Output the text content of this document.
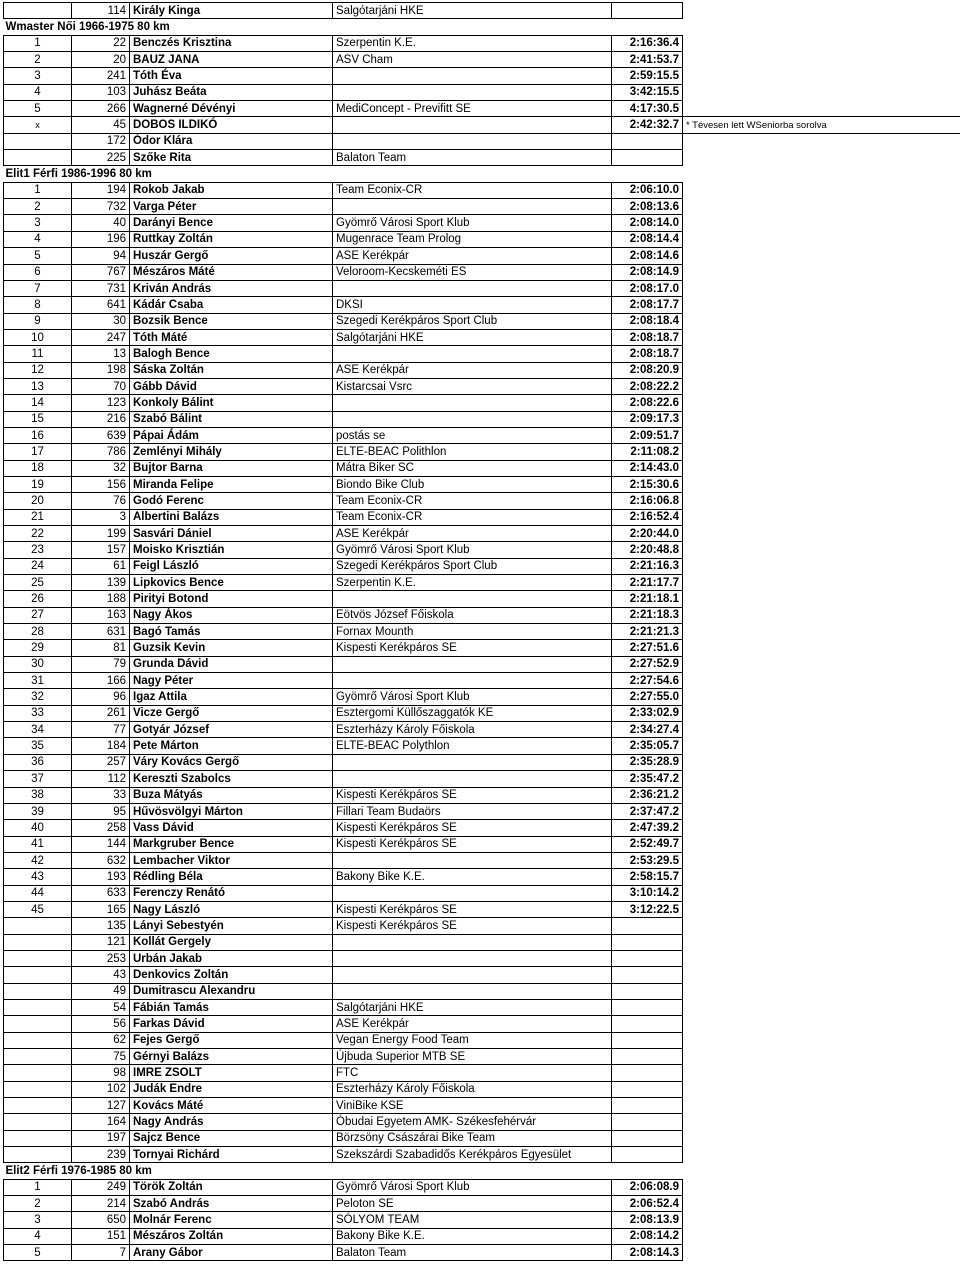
	114	Király Kinga	Salgótarjáni HKE		
Wmaster Női 1966-1975 80 km					
1	22	Benczés Krisztina	Szerpentin K.E.	2:16:36.4	
2	20	BAUZ JANA	ASV Cham	2:41:53.7	
3	241	Tóth Éva		2:59:15.5	
4	103	Juhász Beáta		3:42:15.5	
5	266	Wagnerné Dévényi	MediConcept - Previfitt SE	4:17:30.5	
x	45	DOBOS ILDIKÓ		2:42:32.7	* Tévesen lett WSeniorba sorolva
	172	Ódor Klára			
	225	Szőke Rita	Balaton Team		
Elit1 Férfi 1986-1996 80 km					
1	194	Rokob Jakab	Team Econix-CR	2:06:10.0	
2	732	Varga Péter		2:08:13.6	
3	40	Darányi Bence	Gyömrő Városi Sport Klub	2:08:14.0	
4	196	Ruttkay Zoltán	Mugenrace Team Prolog	2:08:14.4	
5	94	Huszár Gergő	ASE Kerékpár	2:08:14.6	
6	767	Mészáros Máté	Veloroom-Kecskeméti ES	2:08:14.9	
7	731	Kriván András		2:08:17.0	
8	641	Kádár Csaba	DKSI	2:08:17.7	
9	30	Bozsik Bence	Szegedi Kerékpáros Sport Club	2:08:18.4	
10	247	Tóth Máté	Salgótarjáni HKE	2:08:18.7	
11	13	Balogh Bence		2:08:18.7	
12	198	Sáska Zoltán	ASE Kerékpár	2:08:20.9	
13	70	Gább Dávid	Kistarcsai Vsrc	2:08:22.2	
14	123	Konkoly Bálint		2:08:22.6	
15	216	Szabó Bálint		2:09:17.3	
16	639	Pápai Ádám	postás se	2:09:51.7	
17	786	Zemlényi Mihály	ELTE-BEAC Polithlon	2:11:08.2	
18	32	Bujtor Barna	Mátra Biker SC	2:14:43.0	
19	156	Miranda Felipe	Biondo Bike Club	2:15:30.6	
20	76	Godó Ferenc	Team Econix-CR	2:16:06.8	
21	3	Albertini Balázs	Team Econix-CR	2:16:52.4	
22	199	Sasvári Dániel	ASE Kerékpár	2:20:44.0	
23	157	Moisko Krisztián	Gyömrő Városi Sport Klub	2:20:48.8	
24	61	Feigl László	Szegedi Kerékpáros Sport Club	2:21:16.3	
25	139	Lipkovics Bence	Szerpentin K.E.	2:21:17.7	
26	188	Pirityi Botond		2:21:18.1	
27	163	Nagy Ákos	Eötvös József Főiskola	2:21:18.3	
28	631	Bagó Tamás	Fornax Mounth	2:21:21.3	
29	81	Guzsik Kevin	Kispesti Kerékpáros SE	2:27:51.6	
30	79	Grunda Dávid		2:27:52.9	
31	166	Nagy Péter		2:27:54.6	
32	96	Igaz Attila	Gyömrő Városi Sport Klub	2:27:55.0	
33	261	Vicze Gergő	Esztergomi Küllőszaggatók KE	2:33:02.9	
34	77	Gotyár József	Eszterházy Károly Főiskola	2:34:27.4	
35	184	Pete Márton	ELTE-BEAC Polythlon	2:35:05.7	
36	257	Váry Kovács Gergő		2:35:28.9	
37	112	Kereszti Szabolcs		2:35:47.2	
38	33	Buza Mátyás	Kispesti Kerékpáros SE	2:36:21.2	
39	95	Hűvösvölgyi Márton	Fillari Team Budaörs	2:37:47.2	
40	258	Vass Dávid	Kispesti Kerékpáros SE	2:47:39.2	
41	144	Markgruber Bence	Kispesti Kerékpáros SE	2:52:49.7	
42	632	Lembacher Viktor		2:53:29.5	
43	193	Rédling Béla	Bakony Bike K.E.	2:58:15.7	
44	633	Ferenczy Renátó		3:10:14.2	
45	165	Nagy László	Kispesti Kerékpáros SE	3:12:22.5	
	135	Lányi Sebestyén	Kispesti Kerékpáros SE		
	121	Kollát Gergely			
	253	Urbán Jakab			
	43	Denkovics Zoltán			
	49	Dumitrascu Alexandru			
	54	Fábián Tamás	Salgótarjáni HKE		
	56	Farkas Dávid	ASE Kerékpár		
	62	Fejes Gergő	Vegan Energy Food Team		
	75	Gérnyi Balázs	Újbuda Superior MTB SE		
	98	IMRE ZSOLT	FTC		
	102	Judák Endre	Eszterházy Károly Főiskola		
	127	Kovács Máté	ViniBike KSE		
	164	Nagy András	Óbudai Egyetem AMK- Székesfehérvár		
	197	Sajcz Bence	Börzsöny Császárai Bike Team		
	239	Tornyai Richárd	Szekszárdi Szabadidős Kerékpáros Egyesület		
Elit2 Férfi 1976-1985 80 km					
1	249	Török Zoltán	Gyömrő Városi Sport Klub	2:06:08.9	
2	214	Szabó András	Peloton SE	2:06:52.4	
3	650	Molnár Ferenc	SÓLYOM TEAM	2:08:13.9	
4	151	Mészáros Zoltán	Bakony Bike K.E.	2:08:14.2	
5	7	Arany Gábor	Balaton Team	2:08:14.3	
